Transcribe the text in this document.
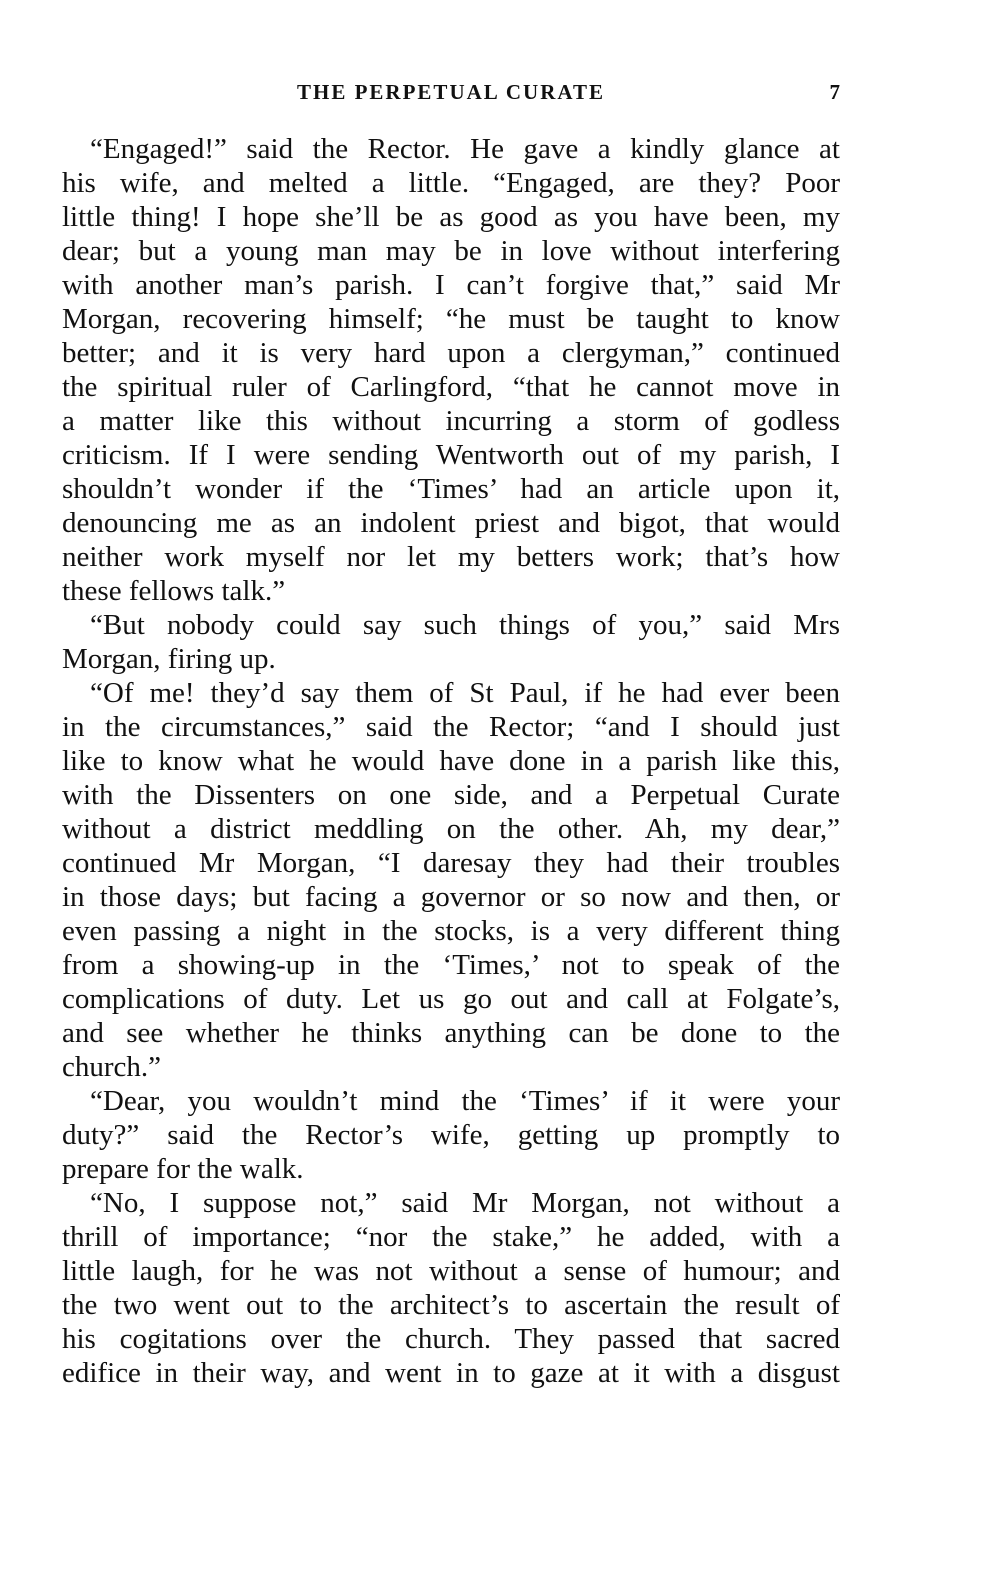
THE PERPETUAL CURATE	7
“Engaged!” said the Rector. He gave a kindly glance at
his wife, and melted a little. “Engaged, are they? Poor
little thing! I hope she’ll be as good as you have been, my
dear; but a young man may be in love without interfering
with another man’s parish. I can’t forgive that,” said Mr
Morgan, recovering himself; “he must be taught to know
better; and it is very hard upon a clergyman,” continued
the spiritual ruler of Carlingford, “that he cannot move in
a matter like this without incurring a storm of godless
criticism. If I were sending Wentworth out of my parish, I
shouldn’t wonder if the ‘Times’ had an article upon it,
denouncing me as an indolent priest and bigot, that would
neither work myself nor let my betters work; that’s how
these fellows talk.”
“But nobody could say such things of you,” said Mrs
Morgan, firing up.
“Of me! they’d say them of St Paul, if he had ever been
in the circumstances,” said the Rector; “and I should just
like to know what he would have done in a parish like this,
with the Dissenters on one side, and a Perpetual Curate
without a district meddling on the other. Ah, my dear,”
continued Mr Morgan, “I daresay they had their troubles
in those days; but facing a governor or so now and then, or
even passing a night in the stocks, is a very different thing
from a showing-up in the ‘Times,’ not to speak of the
complications of duty. Let us go out and call at Folgate’s,
and see whether he thinks anything can be done to the
church.”
“Dear, you wouldn’t mind the ‘Times’ if it were your
duty?” said the Rector’s wife, getting up promptly to
prepare for the walk.
“No, I suppose not,” said Mr Morgan, not without a
thrill of importance; “nor the stake,” he added, with a
little laugh, for he was not without a sense of humour; and
the two went out to the architect’s to ascertain the result of
his cogitations over the church. They passed that sacred
edifice in their way, and went in to gaze at it with a disgust
